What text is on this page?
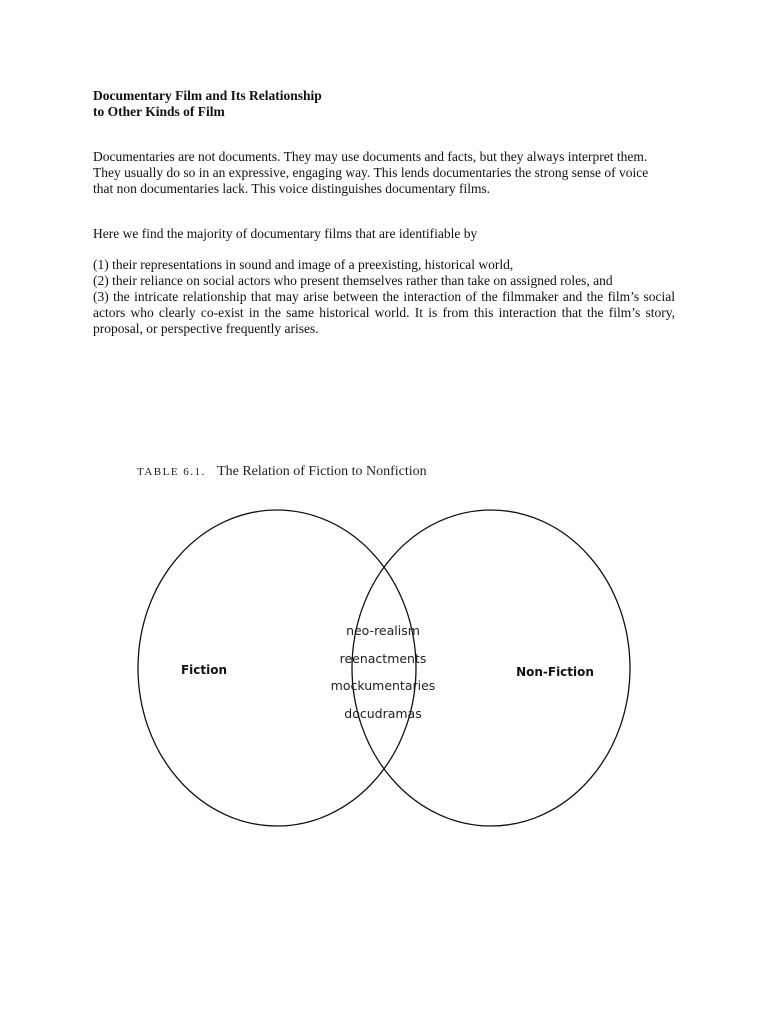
Documentary Film and Its Relationship
to Other Kinds of Film

Documentaries are not documents. They may use documents and facts, but they always interpret them.
They usually do so in an expressive, engaging way. This lends documentaries the strong sense of voice
that non documentaries lack. This voice distinguishes documentary films.

Here we find the majority of documentary films that are identifiable by

(1) their representations in sound and image of a preexisting, historical world,
(2) their reliance on social actors who present themselves rather than take on assigned roles, and
(3) the intricate relationship that may arise between the interaction of the filmmaker and the film’s social actors who clearly co-exist in the same historical world. It is from this interaction that the film’s story, proposal, or perspective frequently arises.
TABLE 6.1. The Relation of Fiction to Nonfiction
Fiction	Non-Fiction
neo-realism
reenactments
mockumentaries
docudramas
